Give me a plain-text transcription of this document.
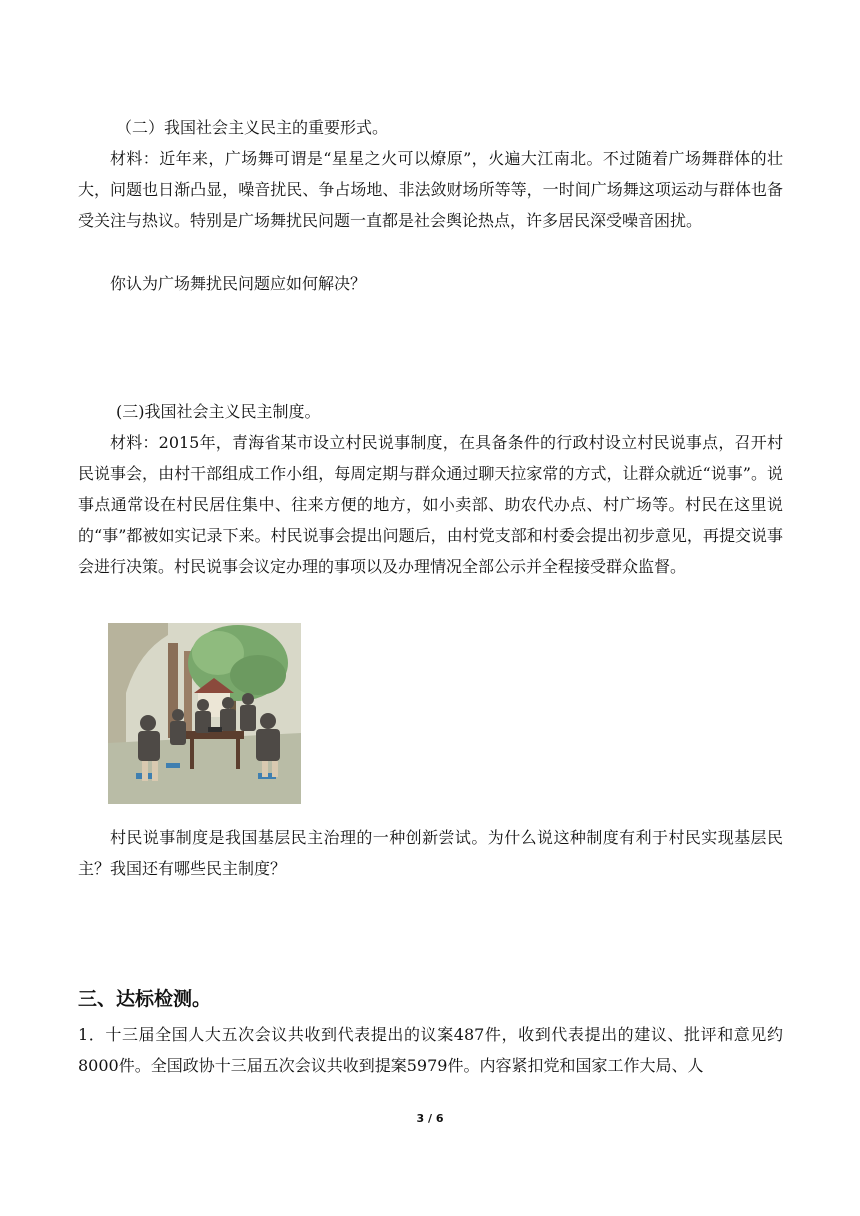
（二）我国社会主义民主的重要形式。

材料：近年来，广场舞可谓是“星星之火可以燎原”，火遍大江南北。不过随着广场舞群体的壮大，问题也日渐凸显，噪音扰民、争占场地、非法敛财场所等等，一时间广场舞这项运动与群体也备受关注与热议。特别是广场舞扰民问题一直都是社会舆论热点，许多居民深受噪音困扰。

你认为广场舞扰民问题应如何解决？

(三)我国社会主义民主制度。

材料：2015年，青海省某市设立村民说事制度，在具备条件的行政村设立村民说事点，召开村民说事会，由村干部组成工作小组，每周定期与群众通过聊天拉家常的方式，让群众就近“说事”。说事点通常设在村民居住集中、往来方便的地方，如小卖部、助农代办点、村广场等。村民在这里说的“事”都被如实记录下来。村民说事会提出问题后，由村党支部和村委会提出初步意见，再提交说事会进行决策。村民说事会议定办理的事项以及办理情况全部公示并全程接受群众监督。

村民说事制度是我国基层民主治理的一种创新尝试。为什么说这种制度有利于村民实现基层民主？我国还有哪些民主制度？

三、达标检测。

1．十三届全国人大五次会议共收到代表提出的议案487件，收到代表提出的建议、批评和意见约8000件。全国政协十三届五次会议共收到提案5979件。内容紧扣党和国家工作大局、人

3 / 6
